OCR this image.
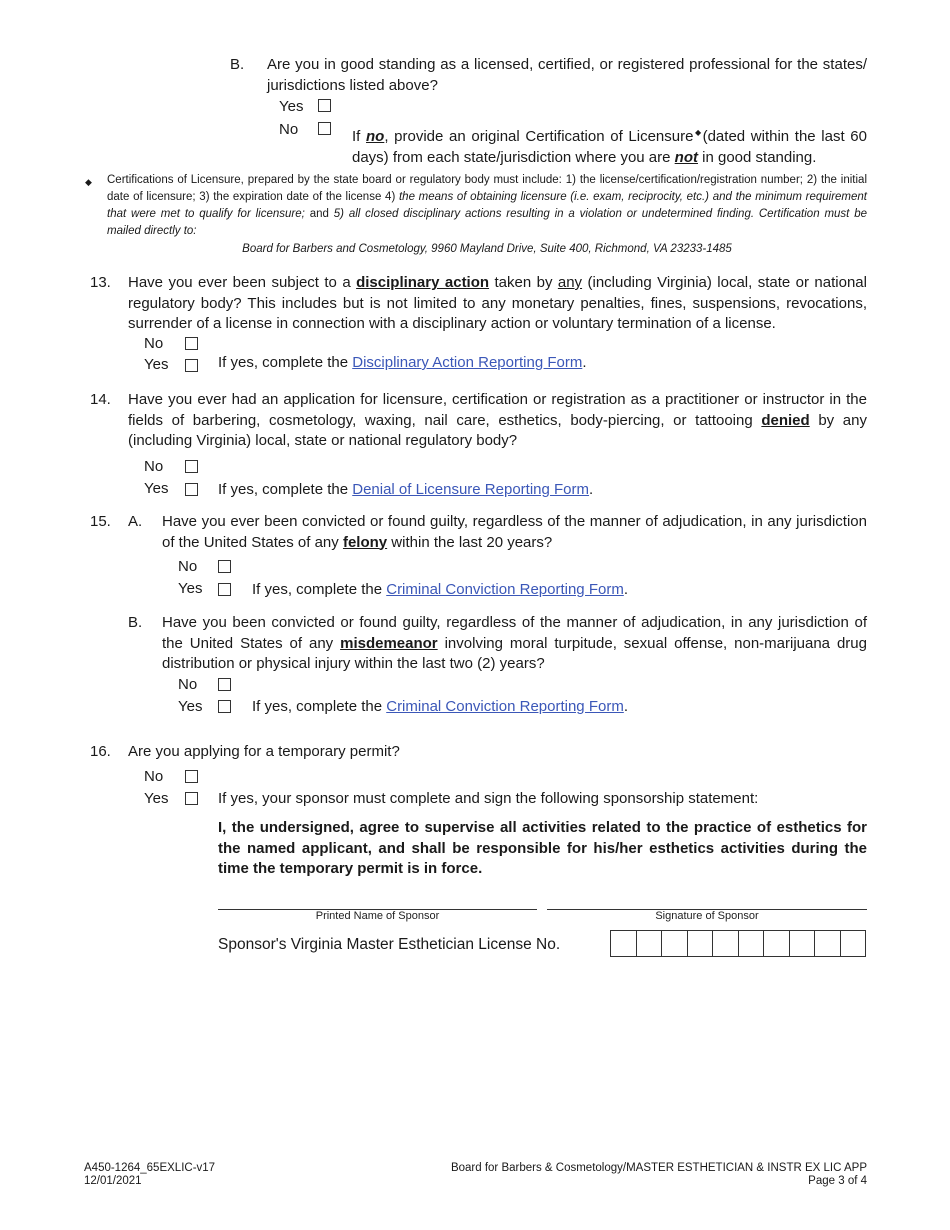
B. Are you in good standing as a licensed, certified, or registered professional for the states/ jurisdictions listed above?
Yes
No	If no, provide an original Certification of Licensure◆(dated within the last 60 days) from each state/jurisdiction where you are not in good standing.
◆ Certifications of Licensure, prepared by the state board or regulatory body must include: 1) the license/certification/registration number; 2) the initial date of licensure; 3) the expiration date of the license 4) the means of obtaining licensure (i.e. exam, reciprocity, etc.) and the minimum requirement that were met to qualify for licensure; and 5) all closed disciplinary actions resulting in a violation or undetermined finding. Certification must be mailed directly to:
Board for Barbers and Cosmetology, 9960 Mayland Drive, Suite 400, Richmond, VA 23233-1485
13. Have you ever been subject to a disciplinary action taken by any (including Virginia) local, state or national regulatory body? This includes but is not limited to any monetary penalties, fines, suspensions, revocations, surrender of a license in connection with a disciplinary action or voluntary termination of a license.
No
Yes	If yes, complete the Disciplinary Action Reporting Form.
14. Have you ever had an application for licensure, certification or registration as a practitioner or instructor in the fields of barbering, cosmetology, waxing, nail care, esthetics, body-piercing, or tattooing denied by any (including Virginia) local, state or national regulatory body?
No
Yes	If yes, complete the Denial of Licensure Reporting Form.
15. A. Have you ever been convicted or found guilty, regardless of the manner of adjudication, in any jurisdiction of the United States of any felony within the last 20 years?
No
Yes	If yes, complete the Criminal Conviction Reporting Form.
B. Have you been convicted or found guilty, regardless of the manner of adjudication, in any jurisdiction of the United States of any misdemeanor involving moral turpitude, sexual offense, non-marijuana drug distribution or physical injury within the last two (2) years?
No
Yes	If yes, complete the Criminal Conviction Reporting Form.
16. Are you applying for a temporary permit?
No
Yes	If yes, your sponsor must complete and sign the following sponsorship statement:
I, the undersigned, agree to supervise all activities related to the practice of esthetics for the named applicant, and shall be responsible for his/her esthetics activities during the time the temporary permit is in force.
Printed Name of Sponsor	Signature of Sponsor
Sponsor's Virginia Master Esthetician License No.
A450-1264_65EXLIC-v17
12/01/2021
Board for Barbers & Cosmetology/MASTER ESTHETICIAN & INSTR EX LIC APP
Page 3 of 4
